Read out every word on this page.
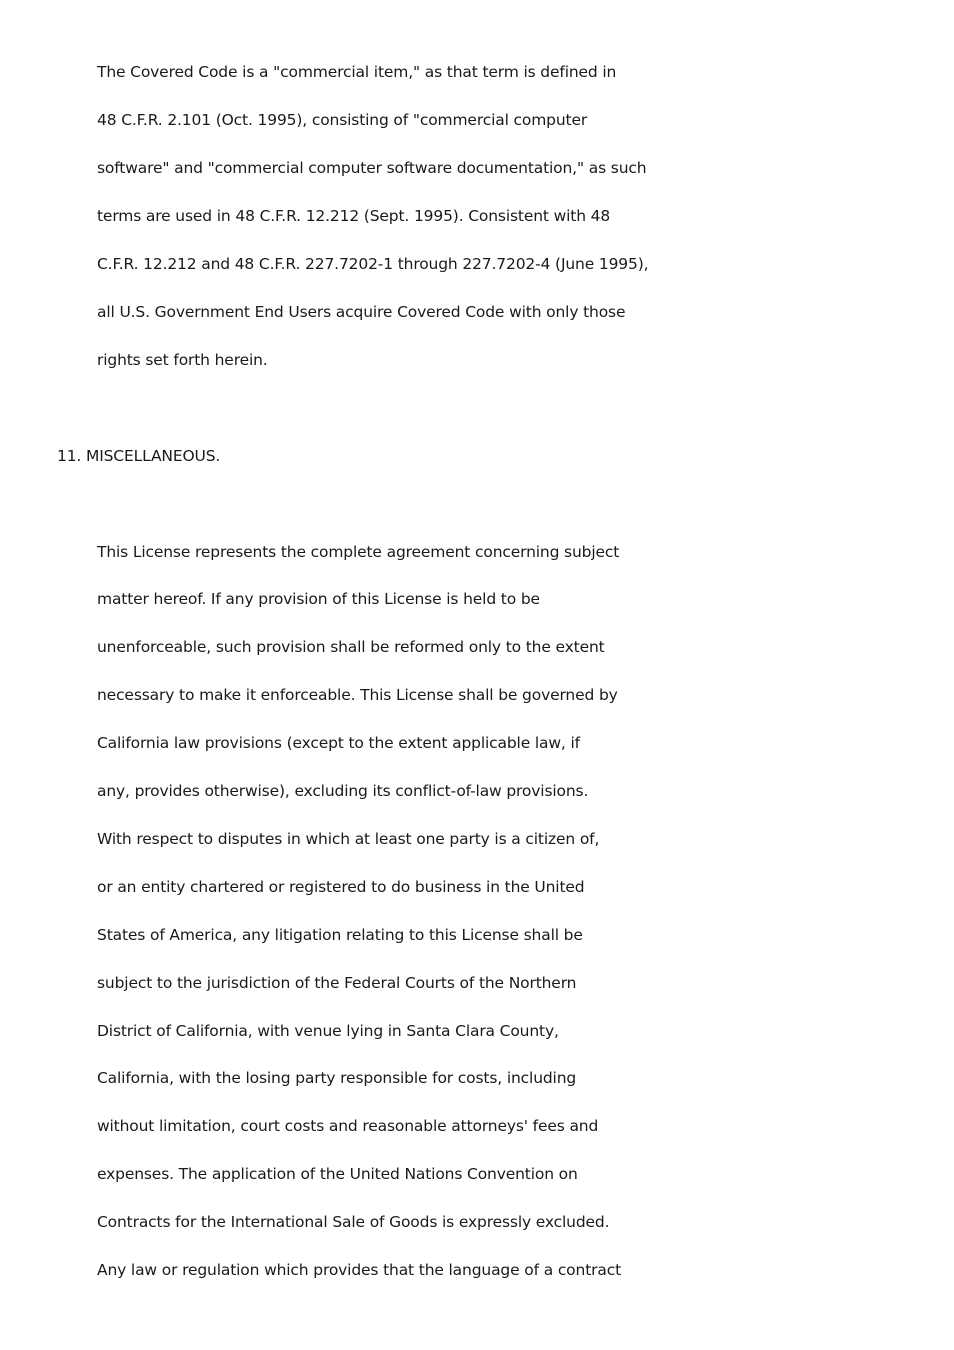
The Covered Code is a "commercial item," as that term is defined in
48 C.F.R. 2.101 (Oct. 1995), consisting of "commercial computer
software" and "commercial computer software documentation," as such
terms are used in 48 C.F.R. 12.212 (Sept. 1995). Consistent with 48
C.F.R. 12.212 and 48 C.F.R. 227.7202-1 through 227.7202-4 (June 1995),
all U.S. Government End Users acquire Covered Code with only those
rights set forth herein.
11. MISCELLANEOUS.
This License represents the complete agreement concerning subject
matter hereof. If any provision of this License is held to be
unenforceable, such provision shall be reformed only to the extent
necessary to make it enforceable. This License shall be governed by
California law provisions (except to the extent applicable law, if
any, provides otherwise), excluding its conflict-of-law provisions.
With respect to disputes in which at least one party is a citizen of,
or an entity chartered or registered to do business in the United
States of America, any litigation relating to this License shall be
subject to the jurisdiction of the Federal Courts of the Northern
District of California, with venue lying in Santa Clara County,
California, with the losing party responsible for costs, including
without limitation, court costs and reasonable attorneys' fees and
expenses. The application of the United Nations Convention on
Contracts for the International Sale of Goods is expressly excluded.
Any law or regulation which provides that the language of a contract
